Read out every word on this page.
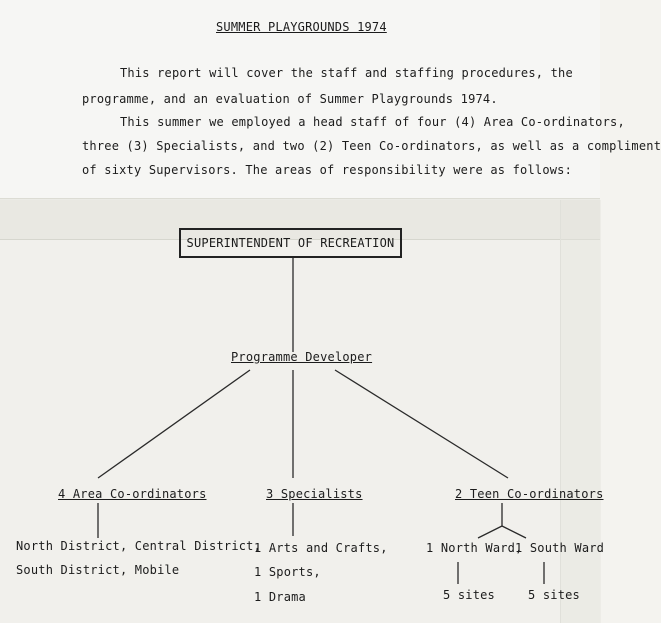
SUMMER PLAYGROUNDS 1974
This report will cover the staff and staffing procedures, the
programme, and an evaluation of Summer Playgrounds 1974.
This summer we employed a head staff of four (4) Area Co-ordinators,
three (3) Specialists, and two (2) Teen Co-ordinators, as well as a compliment
of sixty Supervisors. The areas of responsibility were as follows:
SUPERINTENDENT OF RECREATION
Programme Developer
4 Area Co-ordinators
North District, Central District,
South District, Mobile
3 Specialists
1 Arts and Crafts,
1 Sports,
1 Drama
2 Teen Co-ordinators
1 North Ward,
1 South Ward
5 sites	5 sites
